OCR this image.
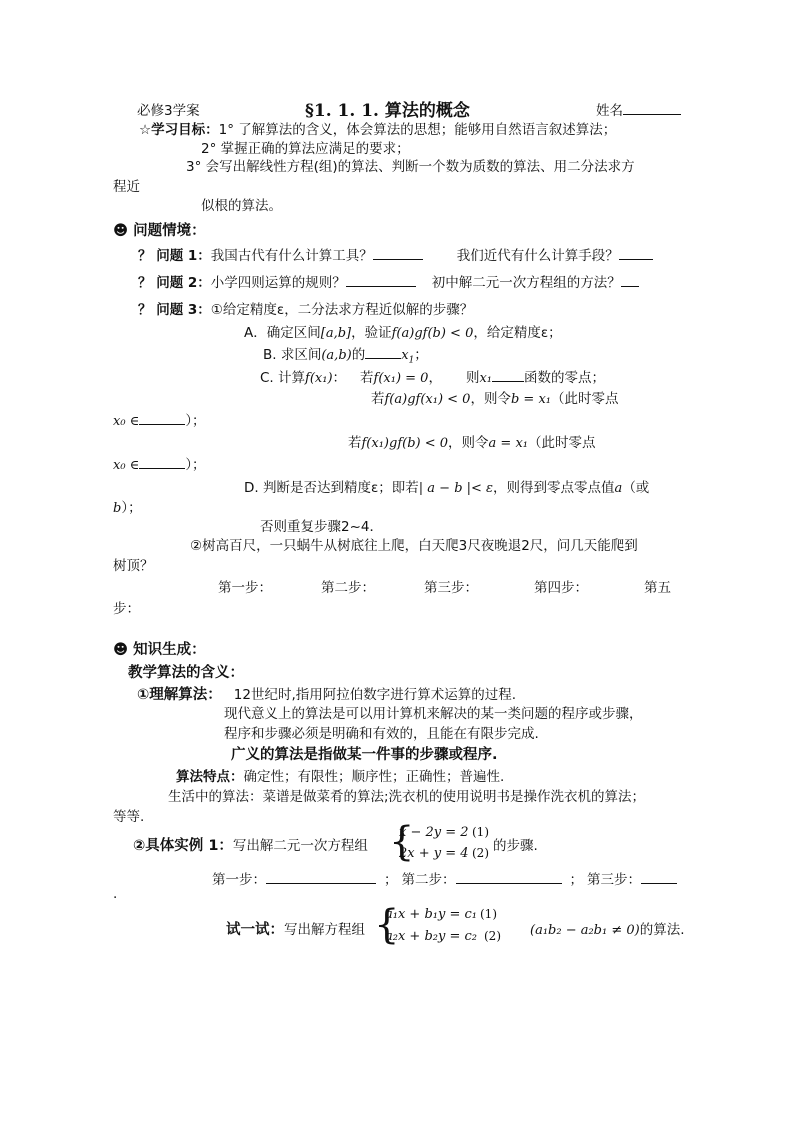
必修3学案	§1. 1. 1. 算法的概念	姓名
☆学习目标：1° 了解算法的含义，体会算法的思想；能够用自然语言叙述算法；
2° 掌握正确的算法应满足的要求；
3° 会写出解线性方程(组)的算法、判断一个数为质数的算法、用二分法求方
程近
似根的算法。
☻ 问题情境：
？ 问题 1：我国古代有什么计算工具？	我们近代有什么计算手段？
？ 问题 2：小学四则运算的规则？	初中解二元一次方程组的方法？
？ 问题 3：①给定精度ε，二分法求方程近似解的步骤？
A．确定区间[a,b]，验证f(a)gf(b) < 0，给定精度ε；
B. 求区间(a,b)的	$x_1$；
C. 计算f(x₁)： 若f(x₁) = 0， 则x₁ 函数的零点；
若f(a)gf(x₁) < 0，则令b = x₁（此时零点
x₀ ∈	）；
若f(x₁)gf(b) < 0，则令a = x₁（此时零点
x₀ ∈	）；
D. 判断是否达到精度ε；即若| a − b |< ε，则得到零点零点值a（或
b）；
否则重复步骤2~4．
②树高百尺，一只蜗牛从树底往上爬，白天爬3尺夜晚退2尺，问几天能爬到
树顶？
第一步：	第二步：	第三步：	第四步：	第五
步：
☻ 知识生成：
教学算法的含义：
①理解算法： 12世纪时,指用阿拉伯数字进行算术运算的过程.
现代意义上的算法是可以用计算机来解决的某一类问题的程序或步骤，
程序和步骤必须是明确和有效的，且能在有限步完成.
广义的算法是指做某一件事的步骤或程序.
算法特点：确定性；有限性；顺序性；正确性；普遍性.
生活中的算法：菜谱是做菜肴的算法;洗衣机的使用说明书是操作洗衣机的算法；
等等.
②具体实例 1：写出解二元一次方程组 {
x − 2y = 2 (1)
2x + y = 4 (2) 的步骤.
第一步：	； 第二步：	； 第三步：
.
试一试：写出解方程组 {
a₁x + b₁y = c₁ (1)
a₂x + b₂y = c₂ (2) (a₁b₂ − a₂b₁ ≠ 0)的算法.
